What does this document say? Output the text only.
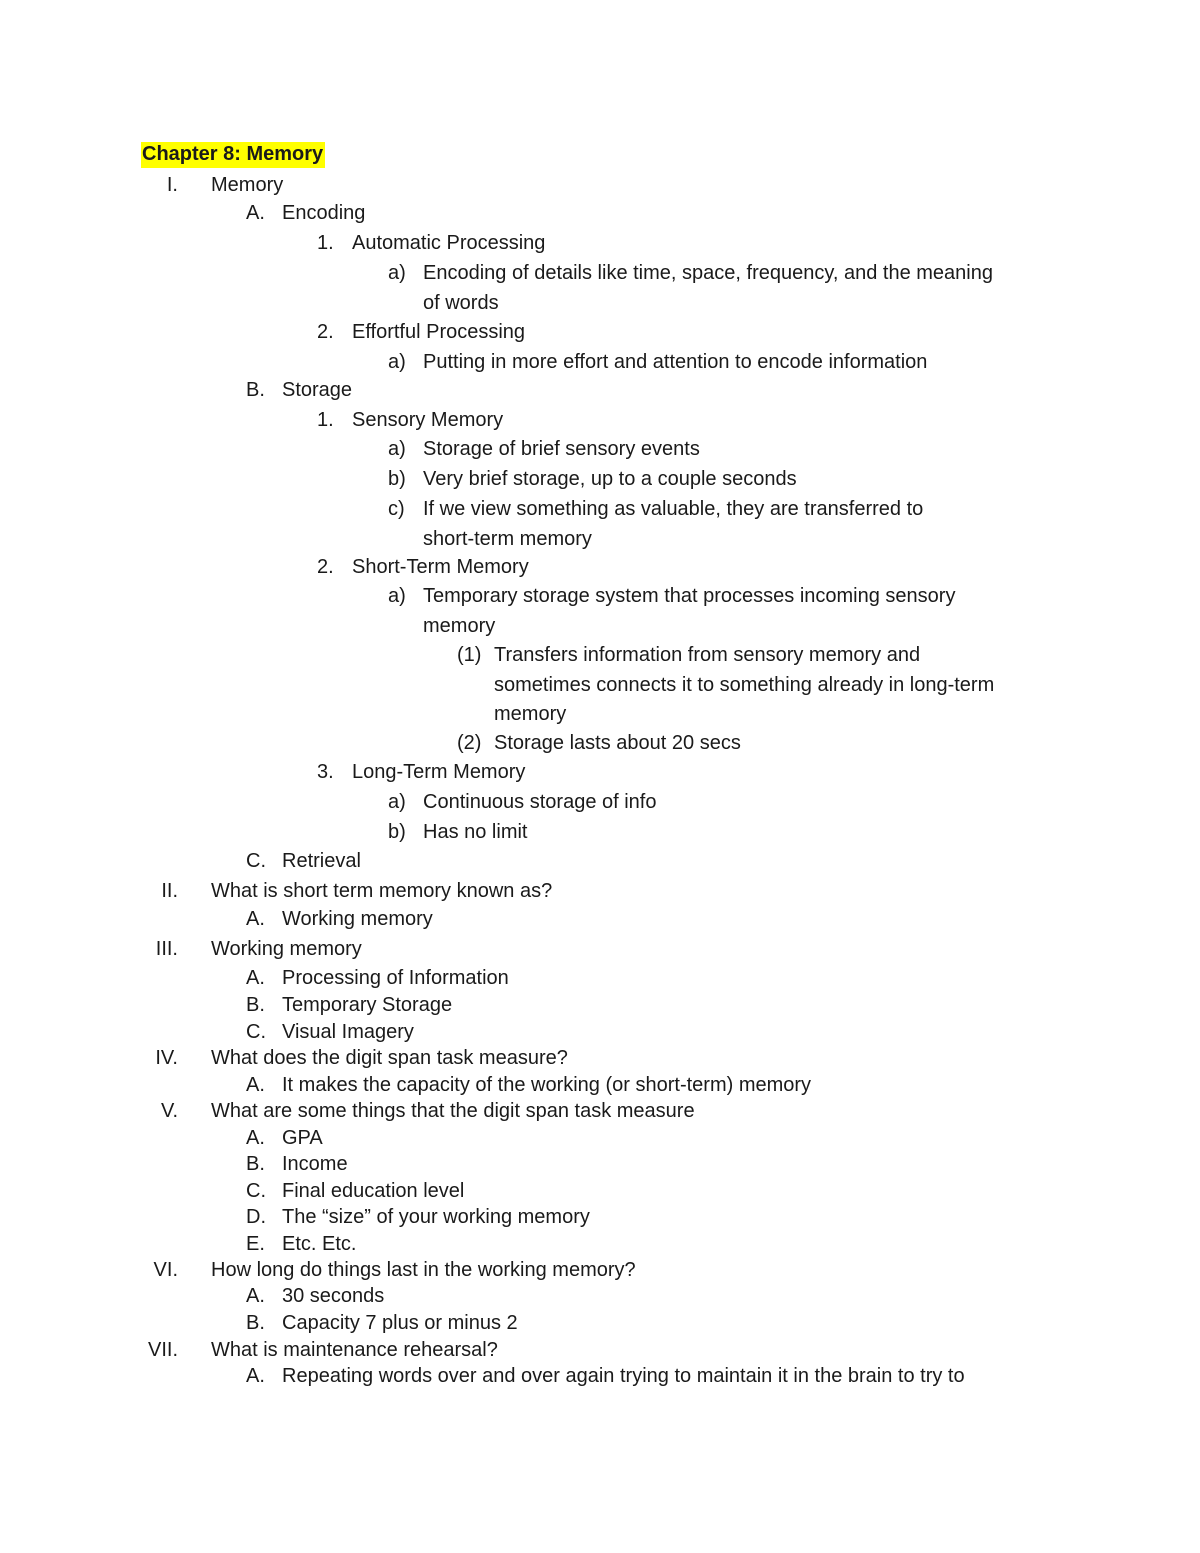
Chapter 8: Memory
I. Memory
A. Encoding
1. Automatic Processing
a) Encoding of details like time, space, frequency, and the meaning
of words
2. Effortful Processing
a) Putting in more effort and attention to encode information
B. Storage
1. Sensory Memory
a) Storage of brief sensory events
b) Very brief storage, up to a couple seconds
c) If we view something as valuable, they are transferred to
short-term memory
2. Short-Term Memory
a) Temporary storage system that processes incoming sensory
memory
(1) Transfers information from sensory memory and
sometimes connects it to something already in long-term
memory
(2) Storage lasts about 20 secs
3. Long-Term Memory
a) Continuous storage of info
b) Has no limit
C. Retrieval
II. What is short term memory known as?
A. Working memory
III. Working memory
A. Processing of Information
B. Temporary Storage
C. Visual Imagery
IV. What does the digit span task measure?
A. It makes the capacity of the working (or short-term) memory
V. What are some things that the digit span task measure
A. GPA
B. Income
C. Final education level
D. The “size” of your working memory
E. Etc. Etc.
VI. How long do things last in the working memory?
A. 30 seconds
B. Capacity 7 plus or minus 2
VII. What is maintenance rehearsal?
A. Repeating words over and over again trying to maintain it in the brain to try to
